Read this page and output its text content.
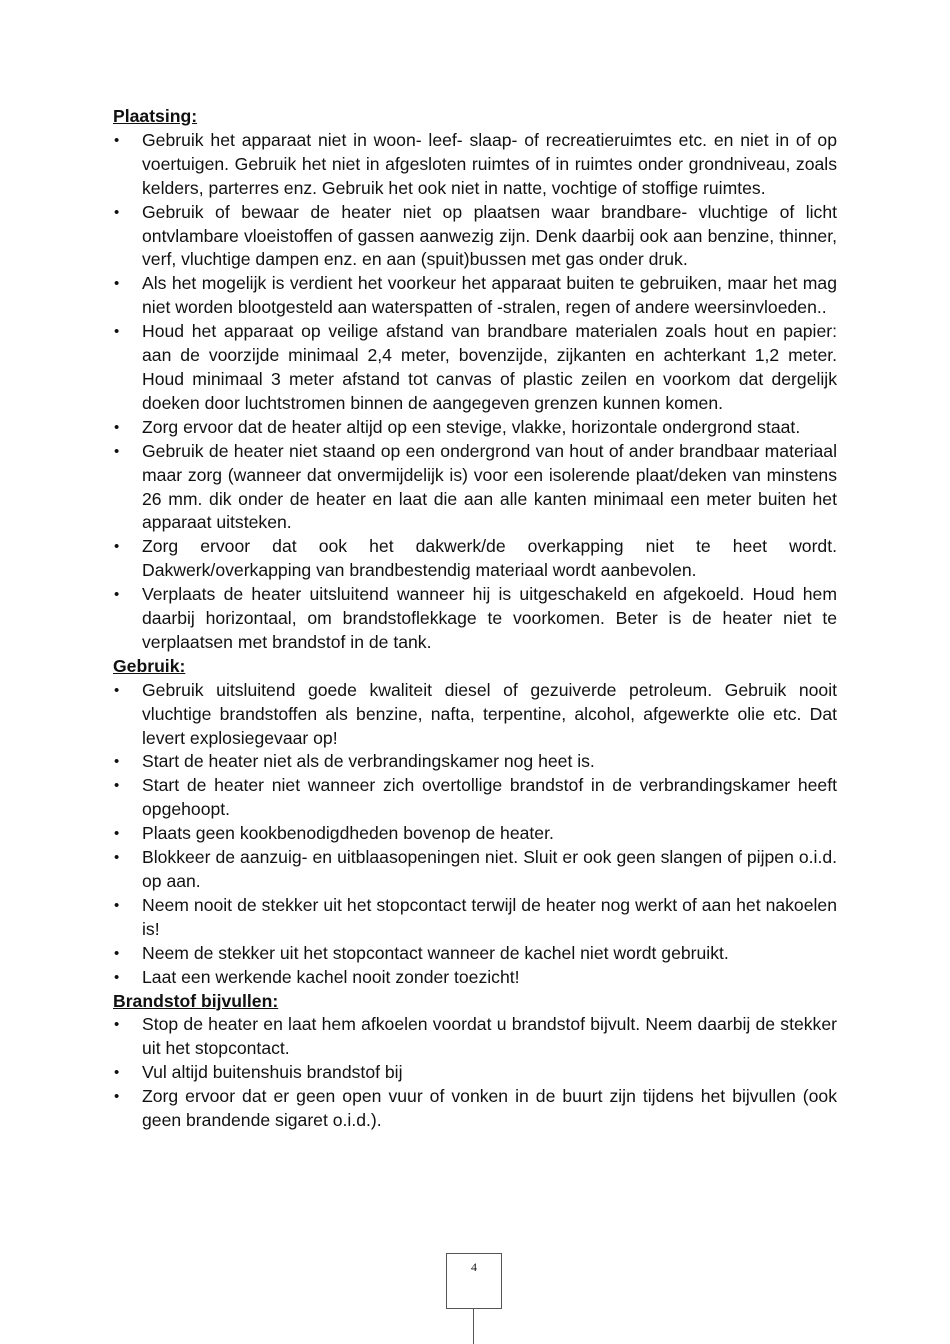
Plaatsing:

• Gebruik het apparaat niet in woon- leef- slaap- of recreatieruimtes etc. en niet in of op voertuigen. Gebruik het niet in afgesloten ruimtes of in ruimtes onder grondniveau, zoals kelders, parterres enz. Gebruik het ook niet in natte, vochtige of stoffige ruimtes.
• Gebruik of bewaar de heater niet op plaatsen waar brandbare- vluchtige of licht ontvlambare vloeistoffen of gassen aanwezig zijn. Denk daarbij ook aan benzine, thinner, verf, vluchtige dampen enz. en aan (spuit)bussen met gas onder druk.
• Als het mogelijk is verdient het voorkeur het apparaat buiten te gebruiken, maar het mag niet worden blootgesteld aan waterspatten of -stralen, regen of andere weersinvloeden..
• Houd het apparaat op veilige afstand van brandbare materialen zoals hout en papier: aan de voorzijde minimaal 2,4 meter, bovenzijde, zijkanten en achterkant 1,2 meter. Houd minimaal 3 meter afstand tot canvas of plastic zeilen en voorkom dat dergelijk doeken door luchtstromen binnen de aangegeven grenzen kunnen komen.
• Zorg ervoor dat de heater altijd op een stevige, vlakke, horizontale ondergrond staat.
• Gebruik de heater niet staand op een ondergrond van hout of ander brandbaar materiaal maar zorg (wanneer dat onvermijdelijk is) voor een isolerende plaat/deken van minstens 26 mm. dik onder de heater en laat die aan alle kanten minimaal een meter buiten het apparaat uitsteken.
• Zorg ervoor dat ook het dakwerk/de overkapping niet te heet wordt. Dakwerk/overkapping van brandbestendig materiaal wordt aanbevolen.
• Verplaats de heater uitsluitend wanneer hij is uitgeschakeld en afgekoeld. Houd hem daarbij horizontaal, om brandstoflekkage te voorkomen. Beter is de heater niet te verplaatsen met brandstof in de tank.

Gebruik:

• Gebruik uitsluitend goede kwaliteit diesel of gezuiverde petroleum. Gebruik nooit vluchtige brandstoffen als benzine, nafta, terpentine, alcohol, afgewerkte olie etc. Dat levert explosiegevaar op!
• Start de heater niet als de verbrandingskamer nog heet is.
• Start de heater niet wanneer zich overtollige brandstof in de verbrandingskamer heeft opgehoopt.
• Plaats geen kookbenodigdheden bovenop de heater.
• Blokkeer de aanzuig- en uitblaasopeningen niet. Sluit er ook geen slangen of pijpen o.i.d. op aan.
• Neem nooit de stekker uit het stopcontact terwijl de heater nog werkt of aan het nakoelen is!
• Neem de stekker uit het stopcontact wanneer de kachel niet wordt gebruikt.
• Laat een werkende kachel nooit zonder toezicht!

Brandstof bijvullen:

• Stop de heater en laat hem afkoelen voordat u brandstof bijvult. Neem daarbij de stekker uit het stopcontact.
• Vul altijd buitenshuis brandstof bij
• Zorg ervoor dat er geen open vuur of vonken in de buurt zijn tijdens het bijvullen (ook geen brandende sigaret o.i.d.).
4
